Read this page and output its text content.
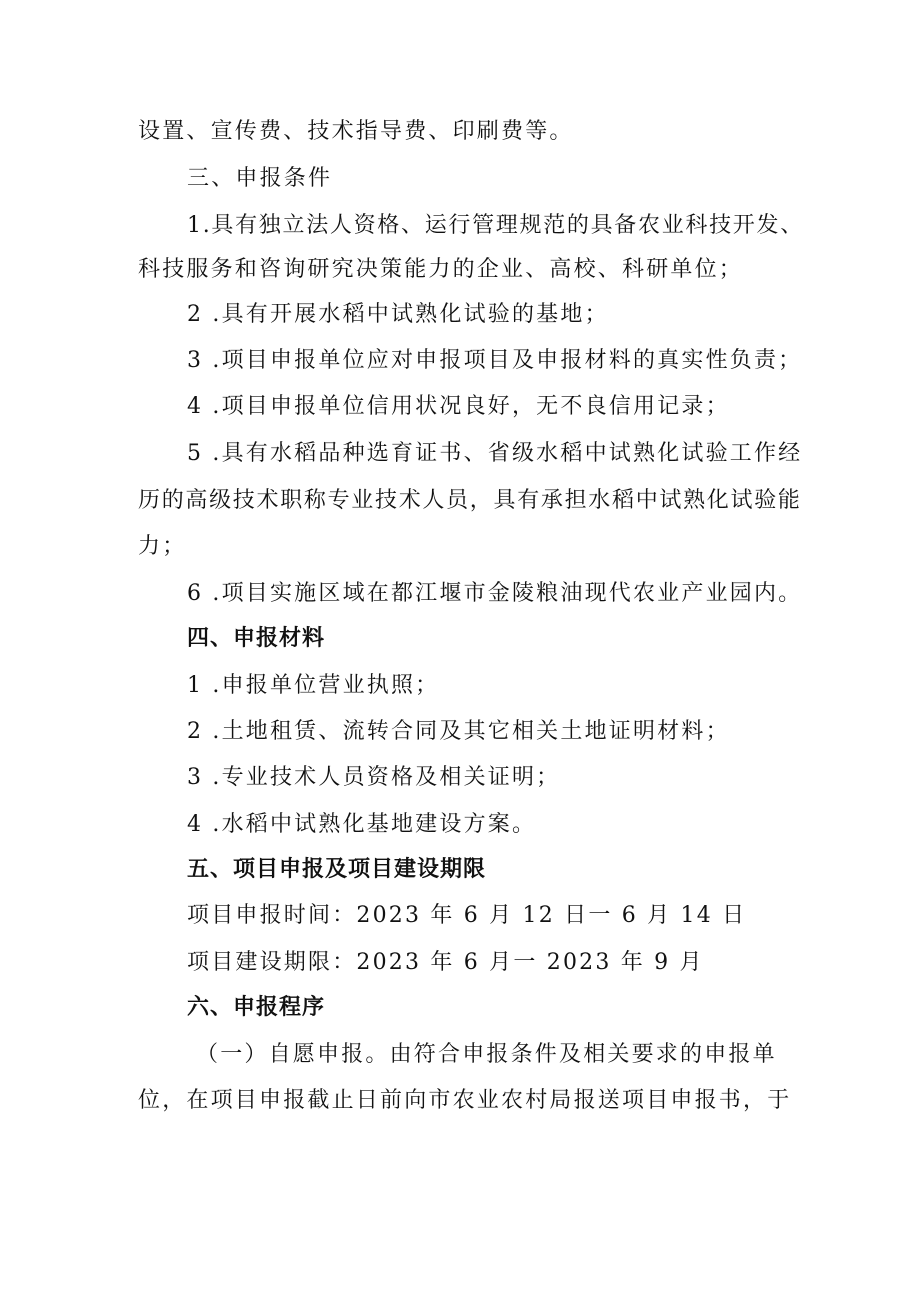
设置、宣传费、技术指导费、印刷费等。
三、申报条件
1.具有独立法人资格、运行管理规范的具备农业科技开发、
科技服务和咨询研究决策能力的企业、高校、科研单位；
2 .具有开展水稻中试熟化试验的基地；
3 .项目申报单位应对申报项目及申报材料的真实性负责；
4 .项目申报单位信用状况良好，无不良信用记录；
5 .具有水稻品种选育证书、省级水稻中试熟化试验工作经
历的高级技术职称专业技术人员，具有承担水稻中试熟化试验能
力；
6 .项目实施区域在都江堰市金陵粮油现代农业产业园内。
四、申报材料
1 .申报单位营业执照；
2 .土地租赁、流转合同及其它相关土地证明材料；
3 .专业技术人员资格及相关证明；
4 .水稻中试熟化基地建设方案。
五、项目申报及项目建设期限
项目申报时间：2023 年 6 月 12 日一 6 月 14 日
项目建设期限：2023 年 6 月一 2023 年 9 月
六、申报程序
（一）自愿申报。由符合申报条件及相关要求的申报单
位，在项目申报截止日前向市农业农村局报送项目申报书，于
